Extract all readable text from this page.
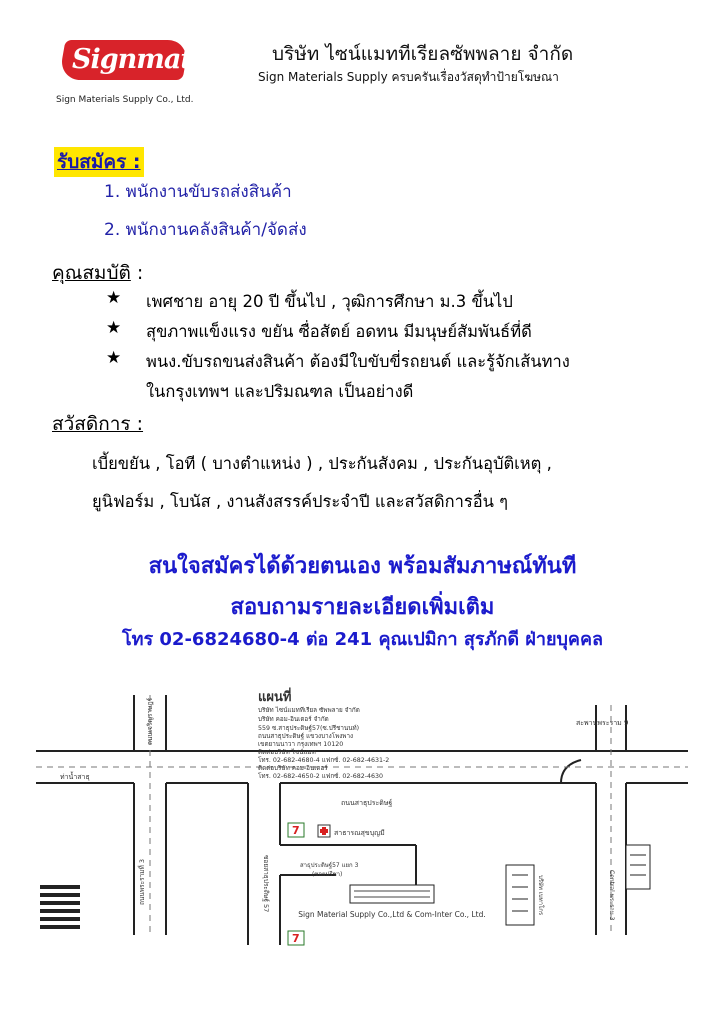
Signmat
Sign Materials Supply Co., Ltd.
บริษัท ไซน์แมททีเรียลซัพพลาย จำกัด
Sign Materials Supply ครบครันเรื่องวัสดุทำป้ายโฆษณา
รับสมัคร :
1. พนักงานขับรถส่งสินค้า
2. พนักงานคลังสินค้า/จัดส่ง
คุณสมบัติ :
★ เพศชาย อายุ 20 ปี ขึ้นไป , วุฒิการศึกษา ม.3 ขึ้นไป
★ สุขภาพแข็งแรง ขยัน ซื่อสัตย์ อดทน มีมนุษย์สัมพันธ์ที่ดี
★ พนง.ขับรถขนส่งสินค้า ต้องมีใบขับขี่รถยนต์ และรู้จักเส้นทาง
ในกรุงเทพฯ และปริมณฑล เป็นอย่างดี
สวัสดิการ :
เบี้ยขยัน , โอที ( บางตำแหน่ง ) , ประกันสังคม , ประกันอุบัติเหตุ ,
ยูนิฟอร์ม , โบนัส , งานสังสรรค์ประจำปี และสวัสดิการอื่น ๆ
สนใจสมัครได้ด้วยตนเอง พร้อมสัมภาษณ์ทันที
สอบถามรายละเอียดเพิ่มเติม
โทร 02-6824680-4 ต่อ 241 คุณเปมิกา สุรภักดี ฝ่ายบุคคล
แผนที่
บริษัท ไซน์แมททีเรียล ซัพพลาย จำกัด
บริษัท คอม-อินเตอร์ จำกัด
559 ซ.สาธุประดิษฐ์57(ซ.ปรีชานนท์)
ถนนสาธุประดิษฐ์ แขวงบางโพงพาง
เขตยานนาวา กรุงเทพฯ 10120
ติดต่อบริษัท ไซน์แมท
โทร. 02-682-4680-4 แฟกซ์. 02-682-4631-2
ติดต่อบริษัท คอม-อินเตอร์
โทร. 02-682-4650-2 แฟกซ์. 02-682-4630
ถนนสาธุประดิษฐ์
สะพานพระราม 9
ท่าน้ำสาธุ
สาธารณสุขบุญมี
สาธุประดิษฐ์57 แยก 3
(ซอยปรีชา)
ถนนพระรามที่ 3
ถนนเจริญราษฎร์
ซอยสาธุประดิษฐ์ 57	Central พระราม 3
บริษัท เบทาโกร
7
7
Sign Material Supply Co.,Ltd & Com-Inter Co., Ltd.
